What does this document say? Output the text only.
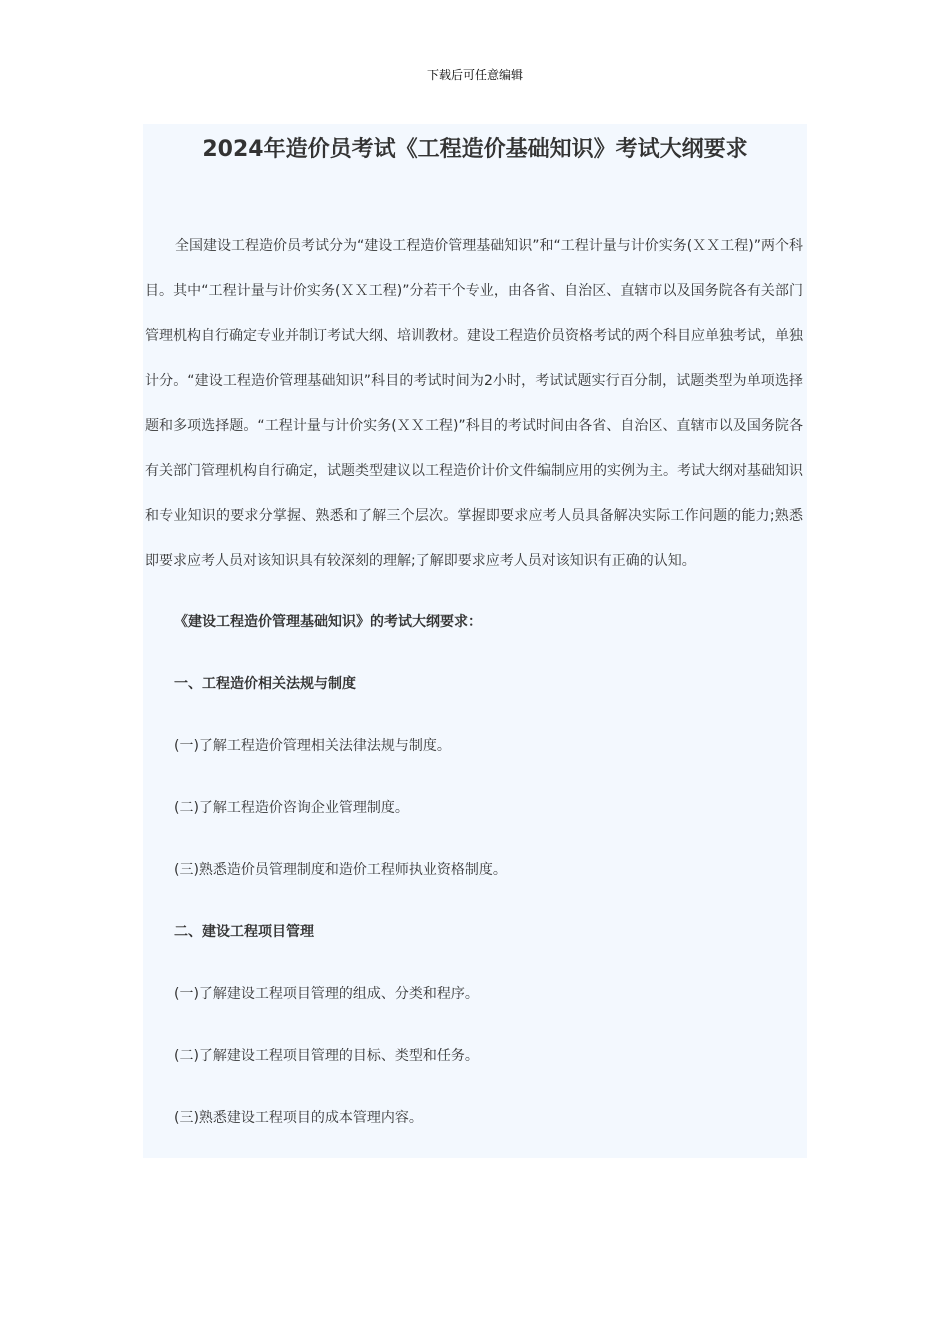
下载后可任意编辑
2024年造价员考试《工程造价基础知识》考试大纲要求

全国建设工程造价员考试分为“建设工程造价管理基础知识”和“工程计量与计价实务(ＸＸ工程)”两个科目。其中“工程计量与计价实务(ＸＸ工程)”分若干个专业，由各省、自治区、直辖市以及国务院各有关部门管理机构自行确定专业并制订考试大纲、培训教材。建设工程造价员资格考试的两个科目应单独考试，单独计分。“建设工程造价管理基础知识”科目的考试时间为2小时，考试试题实行百分制，试题类型为单项选择题和多项选择题。“工程计量与计价实务(ＸＸ工程)”科目的考试时间由各省、自治区、直辖市以及国务院各有关部门管理机构自行确定，试题类型建议以工程造价计价文件编制应用的实例为主。考试大纲对基础知识和专业知识的要求分掌握、熟悉和了解三个层次。掌握即要求应考人员具备解决实际工作问题的能力;熟悉即要求应考人员对该知识具有较深刻的理解;了解即要求应考人员对该知识有正确的认知。

《建设工程造价管理基础知识》的考试大纲要求：
一、工程造价相关法规与制度
(一)了解工程造价管理相关法律法规与制度。
(二)了解工程造价咨询企业管理制度。
(三)熟悉造价员管理制度和造价工程师执业资格制度。
二、建设工程项目管理
(一)了解建设工程项目管理的组成、分类和程序。
(二)了解建设工程项目管理的目标、类型和任务。
(三)熟悉建设工程项目的成本管理内容。
